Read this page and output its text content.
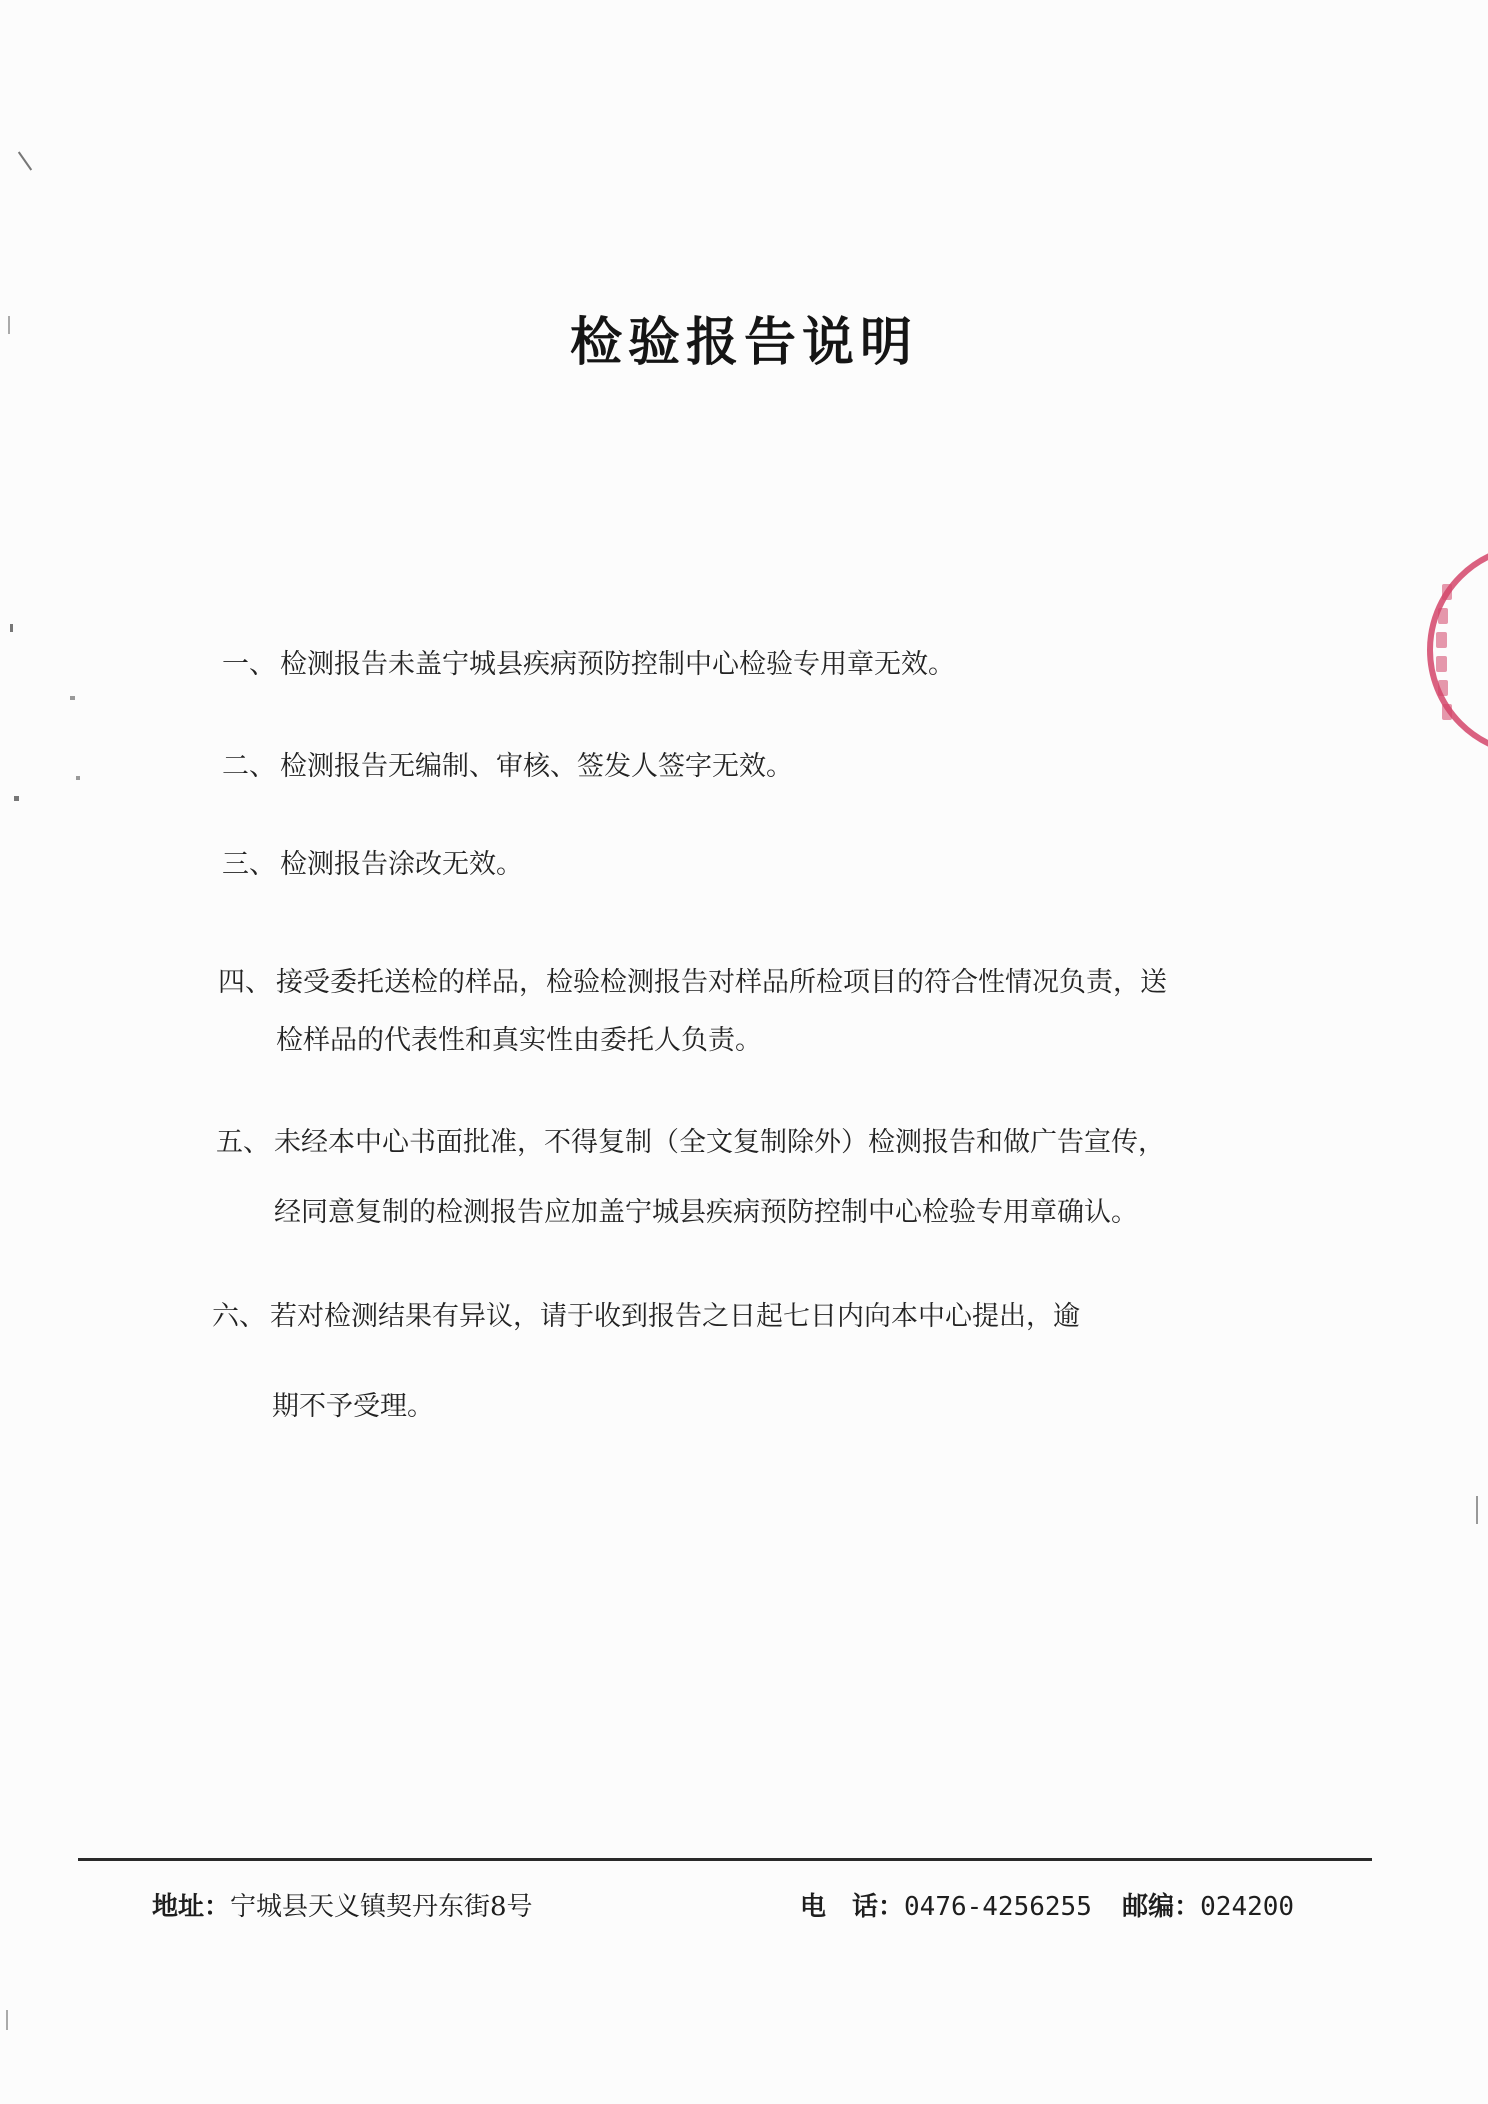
检验报告说明
一、 检测报告未盖宁城县疾病预防控制中心检验专用章无效。
二、 检测报告无编制、审核、签发人签字无效。
三、 检测报告涂改无效。
四、 接受委托送检的样品，检验检测报告对样品所检项目的符合性情况负责，送
检样品的代表性和真实性由委托人负责。
五、 未经本中心书面批准，不得复制（全文复制除外）检测报告和做广告宣传，
经同意复制的检测报告应加盖宁城县疾病预防控制中心检验专用章确认。
六、 若对检测结果有异议，请于收到报告之日起七日内向本中心提出，逾
期不予受理。
地址：宁城县天义镇契丹东街8号	电　话：0476-4256255 邮编：024200
